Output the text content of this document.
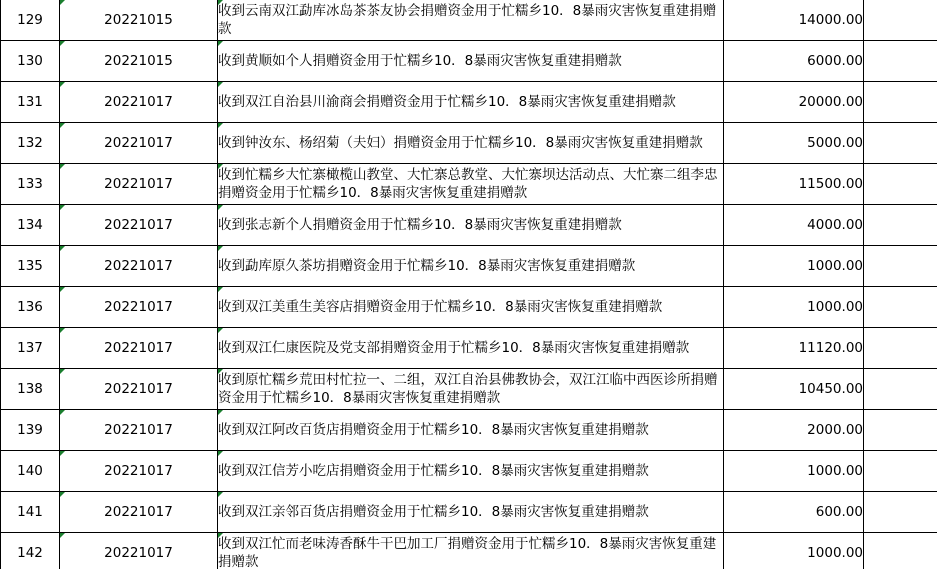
129	20221015	收到云南双江勐库冰岛茶茶友协会捐赠资金用于忙糯乡10．8暴雨灾害恢复重建捐赠款	14000.00	
130	20221015	收到黄顺如个人捐赠资金用于忙糯乡10．8暴雨灾害恢复重建捐赠款	6000.00	
131	20221017	收到双江自治县川渝商会捐赠资金用于忙糯乡10．8暴雨灾害恢复重建捐赠款	20000.00	
132	20221017	收到钟汝东、杨绍菊（夫妇）捐赠资金用于忙糯乡10．8暴雨灾害恢复重建捐赠款	5000.00	
133	20221017	收到忙糯乡大忙寨橄榄山教堂、大忙寨总教堂、大忙寨坝达活动点、大忙寨二组李忠捐赠资金用于忙糯乡10．8暴雨灾害恢复重建捐赠款	11500.00	
134	20221017	收到张志新个人捐赠资金用于忙糯乡10．8暴雨灾害恢复重建捐赠款	4000.00	
135	20221017	收到勐库原久茶坊捐赠资金用于忙糯乡10．8暴雨灾害恢复重建捐赠款	1000.00	
136	20221017	收到双江美重生美容店捐赠资金用于忙糯乡10．8暴雨灾害恢复重建捐赠款	1000.00	
137	20221017	收到双江仁康医院及党支部捐赠资金用于忙糯乡10．8暴雨灾害恢复重建捐赠款	11120.00	
138	20221017	收到原忙糯乡荒田村忙拉一、二组，双江自治县佛教协会，双江江临中西医诊所捐赠资金用于忙糯乡10．8暴雨灾害恢复重建捐赠款	10450.00	
139	20221017	收到双江阿改百货店捐赠资金用于忙糯乡10．8暴雨灾害恢复重建捐赠款	2000.00	
140	20221017	收到双江信芳小吃店捐赠资金用于忙糯乡10．8暴雨灾害恢复重建捐赠款	1000.00	
141	20221017	收到双江亲邻百货店捐赠资金用于忙糯乡10．8暴雨灾害恢复重建捐赠款	600.00	
142	20221017	收到双江忙而老味涛香酥牛干巴加工厂捐赠资金用于忙糯乡10．8暴雨灾害恢复重建捐赠款	1000.00	
